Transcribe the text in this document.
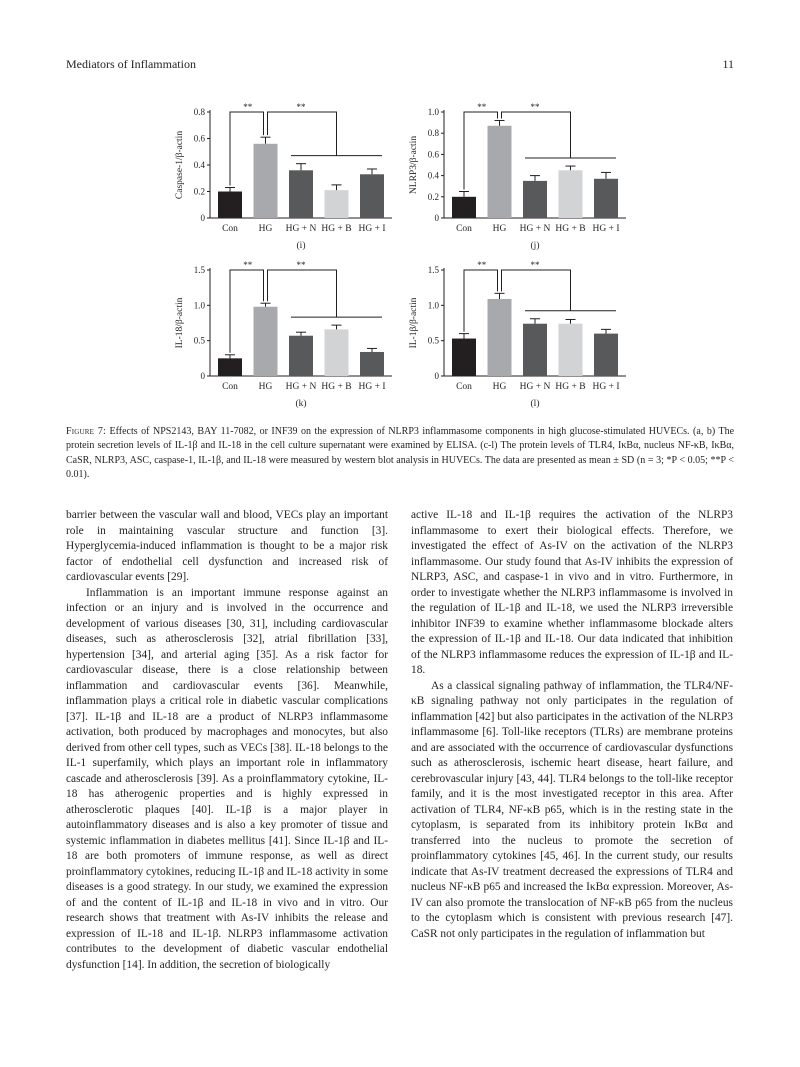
Mediators of Inflammation	11
0
0.2
0.4
0.6
0.8
Caspase-1/β-actin
Con HG HG + N HG + B HG + I
**	**
(i)
0
0.2
0.4
0.6
0.8
1.0
NLRP3/β-actin
Con HG HG + N HG + B HG + I
**	**
(j)
0
0.5
1.0
1.5
IL-18/β-actin
Con HG HG + N HG + B HG + I
**	**
(k)
0
0.5
1.0
1.5
IL-1β/β-actin
Con HG HG + N HG + B HG + I
**	**
(l)
Figure 7: Effects of NPS2143, BAY 11-7082, or INF39 on the expression of NLRP3 inflammasome components in high glucose-stimulated HUVECs. (a, b) The protein secretion levels of IL-1β and IL-18 in the cell culture supernatant were examined by ELISA. (c-l) The protein levels of TLR4, IκBα, nucleus NF-κB, IκBα, CaSR, NLRP3, ASC, caspase-1, IL-1β, and IL-18 were measured by western blot analysis in HUVECs. The data are presented as mean ± SD (n = 3; *P < 0.05; **P < 0.01).

barrier between the vascular wall and blood, VECs play an important role in maintaining vascular structure and function [3]. Hyperglycemia-induced inflammation is thought to be a major risk factor of endothelial cell dysfunction and increased risk of cardiovascular events [29].

Inflammation is an important immune response against an infection or an injury and is involved in the occurrence and development of various diseases [30, 31], including cardiovascular diseases, such as atherosclerosis [32], atrial fibrillation [33], hypertension [34], and arterial aging [35]. As a risk factor for cardiovascular disease, there is a close relationship between inflammation and cardiovascular events [36]. Meanwhile, inflammation plays a critical role in diabetic vascular complications [37]. IL-1β and IL-18 are a product of NLRP3 inflammasome activation, both produced by macrophages and monocytes, but also derived from other cell types, such as VECs [38]. IL-18 belongs to the IL-1 superfamily, which plays an important role in inflammatory cascade and atherosclerosis [39]. As a proinflammatory cytokine, IL-18 has atherogenic properties and is highly expressed in atherosclerotic plaques [40]. IL-1β is a major player in autoinflammatory diseases and is also a key promoter of tissue and systemic inflammation in diabetes mellitus [41]. Since IL-1β and IL-18 are both promoters of immune response, as well as direct proinflammatory cytokines, reducing IL-1β and IL-18 activity in some diseases is a good strategy. In our study, we examined the expression of and the content of IL-1β and IL-18 in vivo and in vitro. Our research shows that treatment with As-IV inhibits the release and expression of IL-18 and IL-1β. NLRP3 inflammasome activation contributes to the development of diabetic vascular endothelial dysfunction [14]. In addition, the secretion of biologically

active IL-18 and IL-1β requires the activation of the NLRP3 inflammasome to exert their biological effects. Therefore, we investigated the effect of As-IV on the activation of the NLRP3 inflammasome. Our study found that As-IV inhibits the expression of NLRP3, ASC, and caspase-1 in vivo and in vitro. Furthermore, in order to investigate whether the NLRP3 inflammasome is involved in the regulation of IL-1β and IL-18, we used the NLRP3 irreversible inhibitor INF39 to examine whether inflammasome blockade alters the expression of IL-1β and IL-18. Our data indicated that inhibition of the NLRP3 inflammasome reduces the expression of IL-1β and IL-18.

As a classical signaling pathway of inflammation, the TLR4/NF-κB signaling pathway not only participates in the regulation of inflammation [42] but also participates in the activation of the NLRP3 inflammasome [6]. Toll-like receptors (TLRs) are membrane proteins and are associated with the occurrence of cardiovascular dysfunctions such as atherosclerosis, ischemic heart disease, heart failure, and cerebrovascular injury [43, 44]. TLR4 belongs to the toll-like receptor family, and it is the most investigated receptor in this area. After activation of TLR4, NF-κB p65, which is in the resting state in the cytoplasm, is separated from its inhibitory protein IκBα and transferred into the nucleus to promote the secretion of proinflammatory cytokines [45, 46]. In the current study, our results indicate that As-IV treatment decreased the expressions of TLR4 and nucleus NF-κB p65 and increased the IκBα expression. Moreover, As-IV can also promote the translocation of NF-κB p65 from the nucleus to the cytoplasm which is consistent with previous research [47]. CaSR not only participates in the regulation of inflammation but
